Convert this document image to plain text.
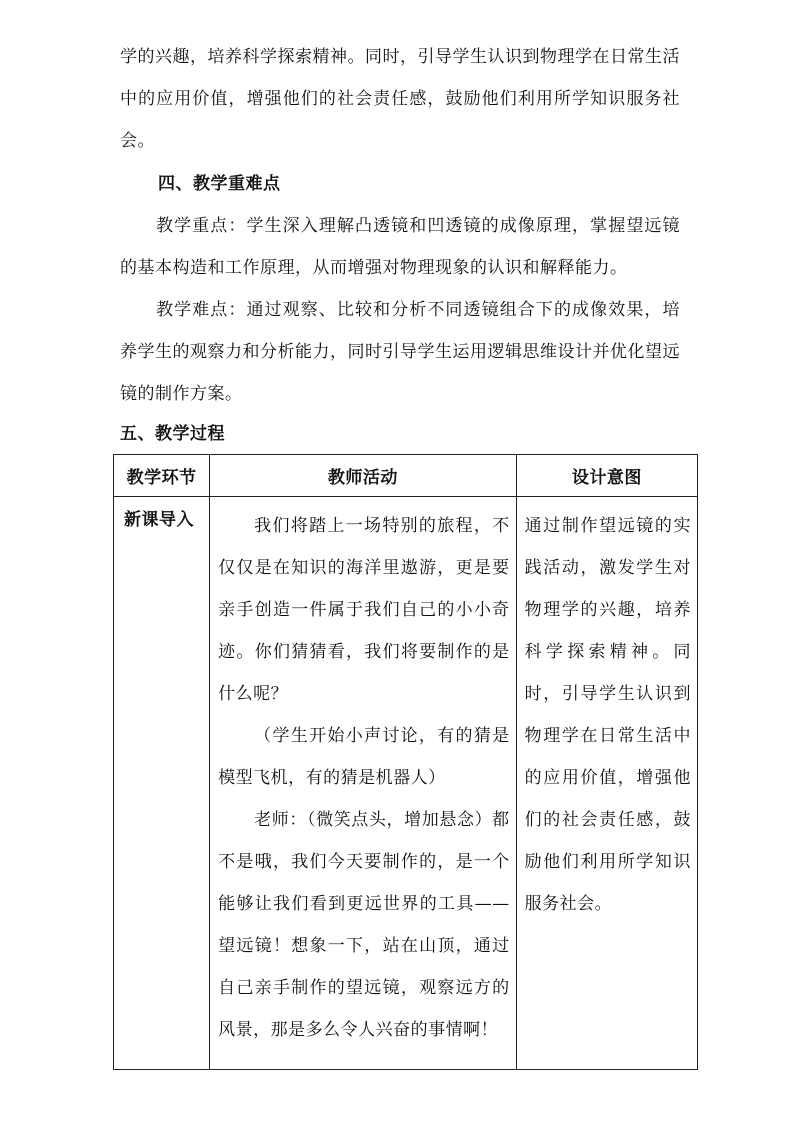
学的兴趣，培养科学探索精神。同时，引导学生认识到物理学在日常生活中的应用价值，增强他们的社会责任感，鼓励他们利用所学知识服务社会。

四、教学重难点

教学重点：学生深入理解凸透镜和凹透镜的成像原理，掌握望远镜的基本构造和工作原理，从而增强对物理现象的认识和解释能力。

教学难点：通过观察、比较和分析不同透镜组合下的成像效果，培养学生的观察力和分析能力，同时引导学生运用逻辑思维设计并优化望远镜的制作方案。

五、教学过程
教学环节	教师活动	设计意图
新课导入	我们将踏上一场特别的旅程，不仅仅是在知识的海洋里遨游，更是要亲手创造一件属于我们自己的小小奇迹。你们猜猜看，我们将要制作的是什么呢？

（学生开始小声讨论，有的猜是模型飞机，有的猜是机器人）

老师：（微笑点头，增加悬念）都不是哦，我们今天要制作的，是一个能够让我们看到更远世界的工具——望远镜！想象一下，站在山顶，通过自己亲手制作的望远镜，观察远方的风景，那是多么令人兴奋的事情啊！	通过制作望远镜的实践活动，激发学生对物理学的兴趣，培养科学探索精神。同时，引导学生认识到物理学在日常生活中的应用价值，增强他们的社会责任感，鼓励他们利用所学知识服务社会。
